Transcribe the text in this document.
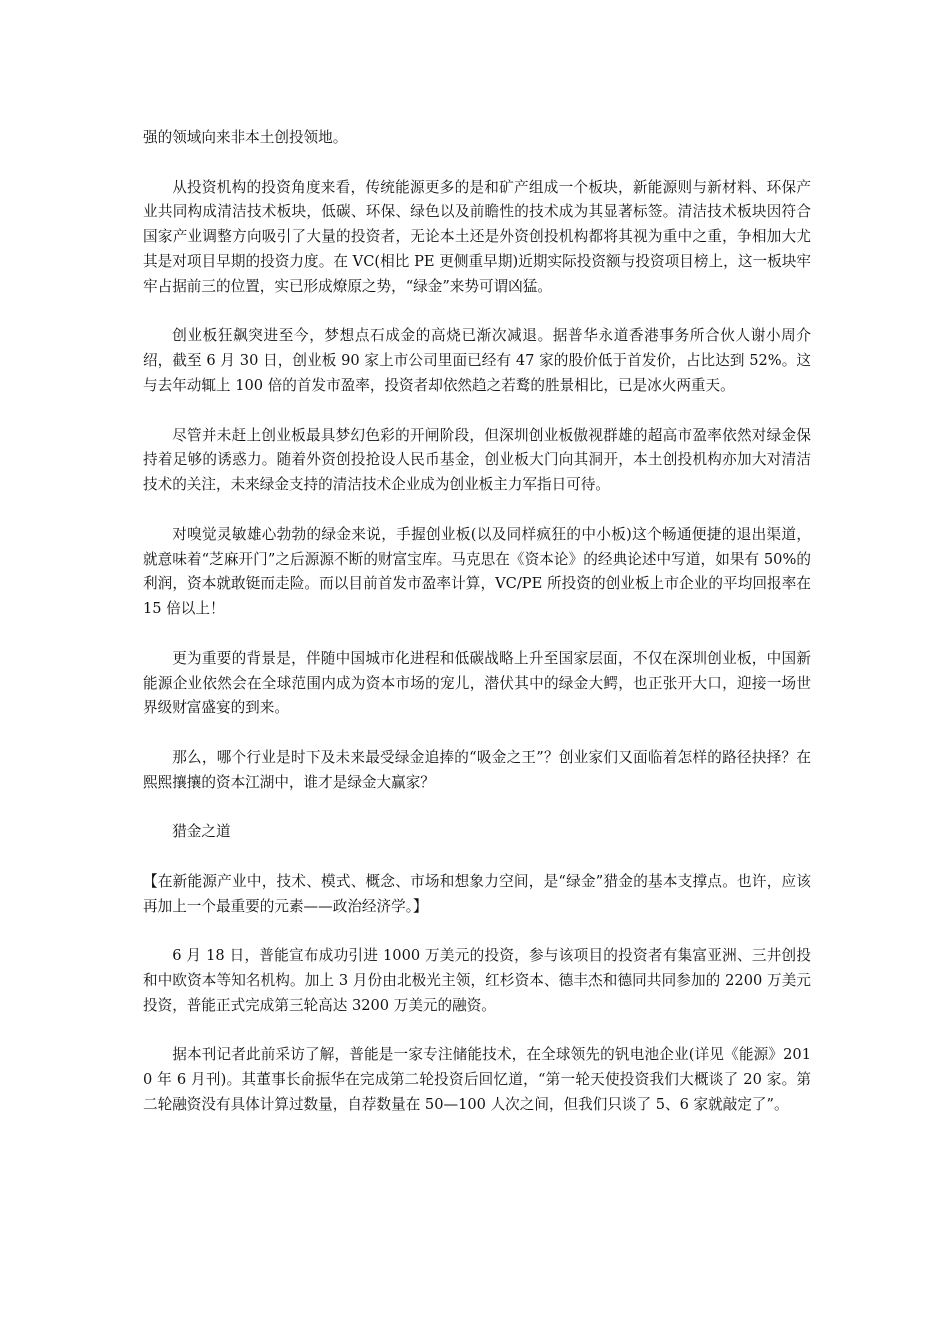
强的领域向来非本土创投领地。

从投资机构的投资角度来看，传统能源更多的是和矿产组成一个板块，新能源则与新材料、环保产业共同构成清洁技术板块，低碳、环保、绿色以及前瞻性的技术成为其显著标签。清洁技术板块因符合国家产业调整方向吸引了大量的投资者，无论本土还是外资创投机构都将其视为重中之重，争相加大尤其是对项目早期的投资力度。在 VC(相比 PE 更侧重早期)近期实际投资额与投资项目榜上，这一板块牢牢占据前三的位置，实已形成燎原之势，“绿金”来势可谓凶猛。

创业板狂飙突进至今，梦想点石成金的高烧已渐次减退。据普华永道香港事务所合伙人谢小周介绍，截至 6 月 30 日，创业板 90 家上市公司里面已经有 47 家的股价低于首发价，占比达到 52%。这与去年动辄上 100 倍的首发市盈率，投资者却依然趋之若鹜的胜景相比，已是冰火两重天。

尽管并未赶上创业板最具梦幻色彩的开闸阶段，但深圳创业板傲视群雄的超高市盈率依然对绿金保持着足够的诱惑力。随着外资创投抢设人民币基金，创业板大门向其洞开，本土创投机构亦加大对清洁技术的关注，未来绿金支持的清洁技术企业成为创业板主力军指日可待。

对嗅觉灵敏雄心勃勃的绿金来说，手握创业板(以及同样疯狂的中小板)这个畅通便捷的退出渠道，就意味着“芝麻开门”之后源源不断的财富宝库。马克思在《资本论》的经典论述中写道，如果有 50%的利润，资本就敢铤而走险。而以目前首发市盈率计算，VC/PE 所投资的创业板上市企业的平均回报率在 15 倍以上！

更为重要的背景是，伴随中国城市化进程和低碳战略上升至国家层面，不仅在深圳创业板，中国新能源企业依然会在全球范围内成为资本市场的宠儿，潜伏其中的绿金大鳄，也正张开大口，迎接一场世界级财富盛宴的到来。

那么，哪个行业是时下及未来最受绿金追捧的“吸金之王”？创业家们又面临着怎样的路径抉择？在熙熙攘攘的资本江湖中，谁才是绿金大赢家？

猎金之道

【在新能源产业中，技术、模式、概念、市场和想象力空间，是“绿金”猎金的基本支撑点。也许，应该再加上一个最重要的元素——政治经济学。】

6 月 18 日，普能宣布成功引进 1000 万美元的投资，参与该项目的投资者有集富亚洲、三井创投和中欧资本等知名机构。加上 3 月份由北极光主领，红杉资本、德丰杰和德同共同参加的 2200 万美元投资，普能正式完成第三轮高达 3200 万美元的融资。

据本刊记者此前采访了解，普能是一家专注储能技术，在全球领先的钒电池企业(详见《能源》2010 年 6 月刊)。其董事长俞振华在完成第二轮投资后回忆道，“第一轮天使投资我们大概谈了 20 家。第二轮融资没有具体计算过数量，自荐数量在 50—100 人次之间，但我们只谈了 5、6 家就敲定了”。
